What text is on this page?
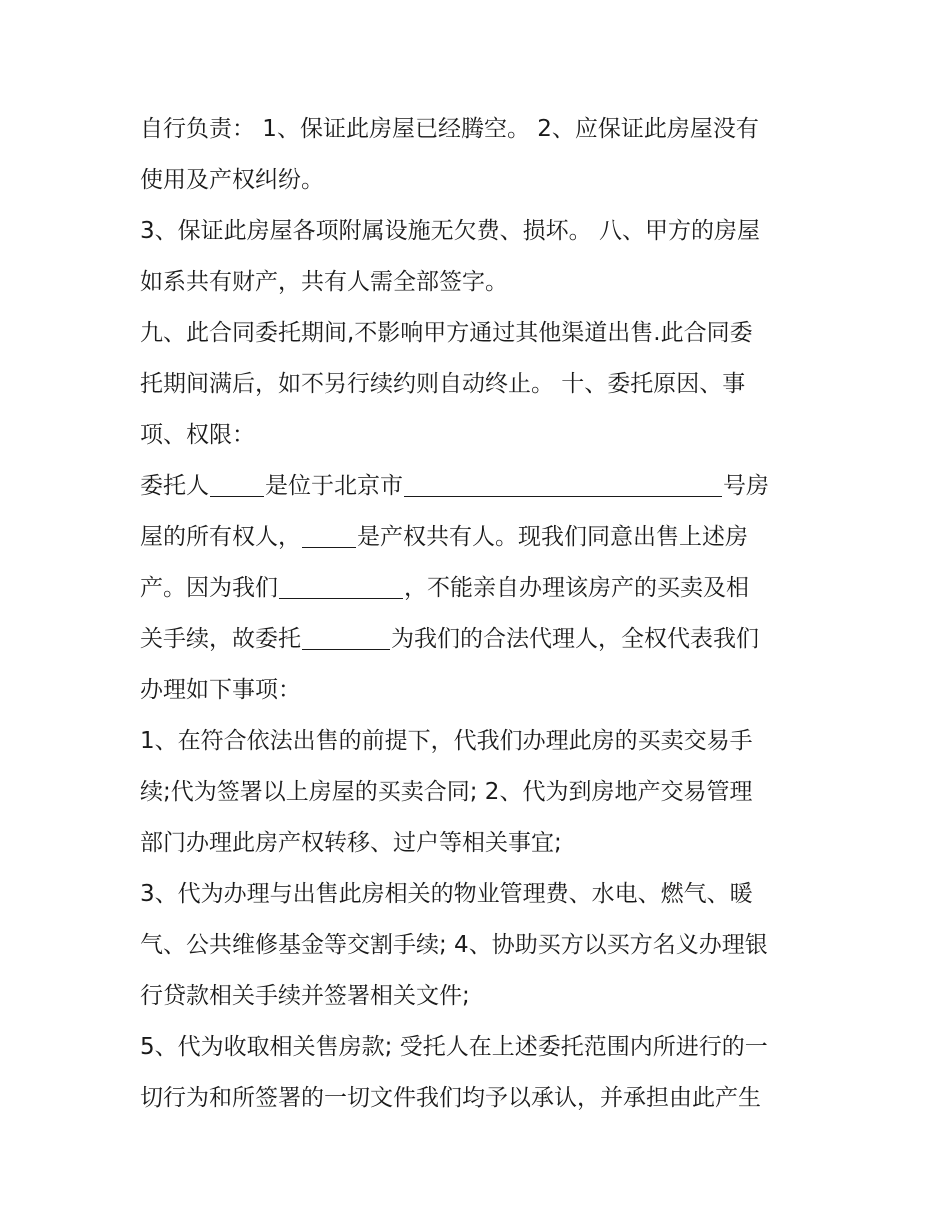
自行负责： 1、保证此房屋已经腾空。 2、应保证此房屋没有
使用及产权纠纷。
3、保证此房屋各项附属设施无欠费、损坏。 八、甲方的房屋
如系共有财产，共有人需全部签字。
九、此合同委托期间,不影响甲方通过其他渠道出售.此合同委
托期间满后，如不另行续约则自动终止。 十、委托原因、事
项、权限：
委托人 是位于北京市	号房
屋的所有权人， 是产权共有人。现我们同意出售上述房
产。因为我们	，不能亲自办理该房产的买卖及相
关手续，故委托	为我们的合法代理人，全权代表我们
办理如下事项：
1、在符合依法出售的前提下，代我们办理此房的买卖交易手
续;代为签署以上房屋的买卖合同; 2、代为到房地产交易管理
部门办理此房产权转移、过户等相关事宜;
3、代为办理与出售此房相关的物业管理费、水电、燃气、暖
气、公共维修基金等交割手续; 4、协助买方以买方名义办理银
行贷款相关手续并签署相关文件;
5、代为收取相关售房款; 受托人在上述委托范围内所进行的一
切行为和所签署的一切文件我们均予以承认，并承担由此产生
